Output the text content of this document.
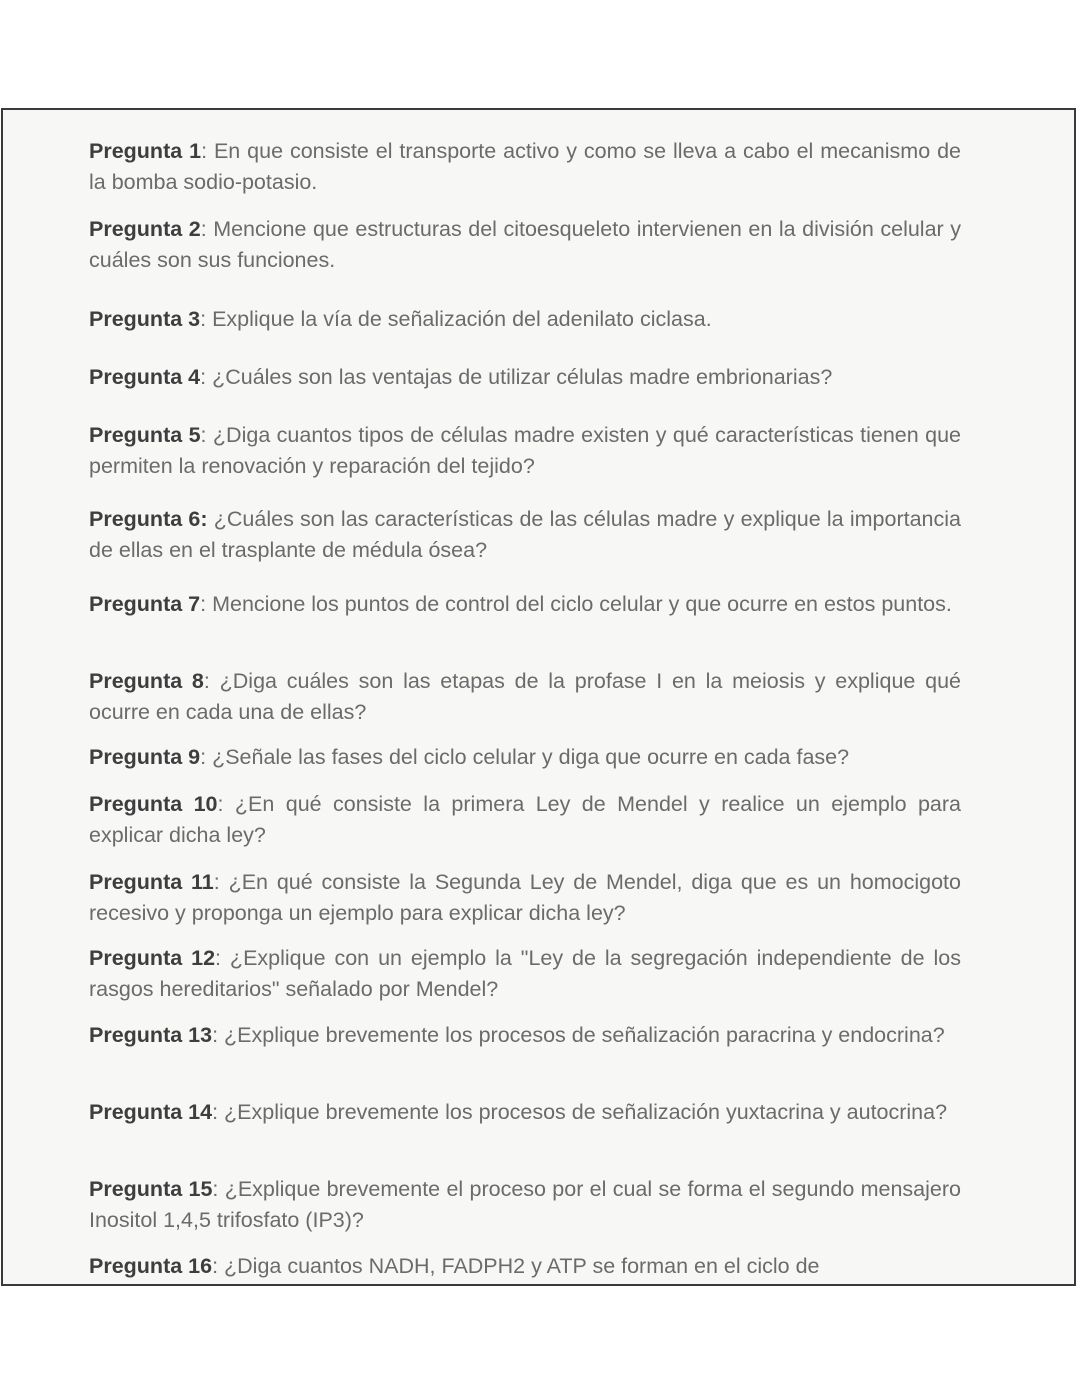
Pregunta 1: En que consiste el transporte activo y como se lleva a cabo el mecanismo de la bomba sodio-potasio.
Pregunta 2: Mencione que estructuras del citoesqueleto intervienen en la división celular y cuáles son sus funciones.
Pregunta 3: Explique la vía de señalización del adenilato ciclasa.
Pregunta 4: ¿Cuáles son las ventajas de utilizar células madre embrionarias?
Pregunta 5: ¿Diga cuantos tipos de células madre existen y qué características tienen que permiten la renovación y reparación del tejido?
Pregunta 6: ¿Cuáles son las características de las células madre y explique la importancia de ellas en el trasplante de médula ósea?
Pregunta 7: Mencione los puntos de control del ciclo celular y que ocurre en estos puntos.
Pregunta 8: ¿Diga cuáles son las etapas de la profase I en la meiosis y explique qué ocurre en cada una de ellas?
Pregunta 9: ¿Señale las fases del ciclo celular y diga que ocurre en cada fase?
Pregunta 10: ¿En qué consiste la primera Ley de Mendel y realice un ejemplo para explicar dicha ley?
Pregunta 11: ¿En qué consiste la Segunda Ley de Mendel, diga que es un homocigoto recesivo y proponga un ejemplo para explicar dicha ley?
Pregunta 12: ¿Explique con un ejemplo la "Ley de la segregación independiente de los rasgos hereditarios" señalado por Mendel?
Pregunta 13: ¿Explique brevemente los procesos de señalización paracrina y endocrina?
Pregunta 14: ¿Explique brevemente los procesos de señalización yuxtacrina y autocrina?
Pregunta 15: ¿Explique brevemente el proceso por el cual se forma el segundo mensajero Inositol 1,4,5 trifosfato (IP3)?
Pregunta 16: ¿Diga cuantos NADH, FADPH2 y ATP se forman en el ciclo de
